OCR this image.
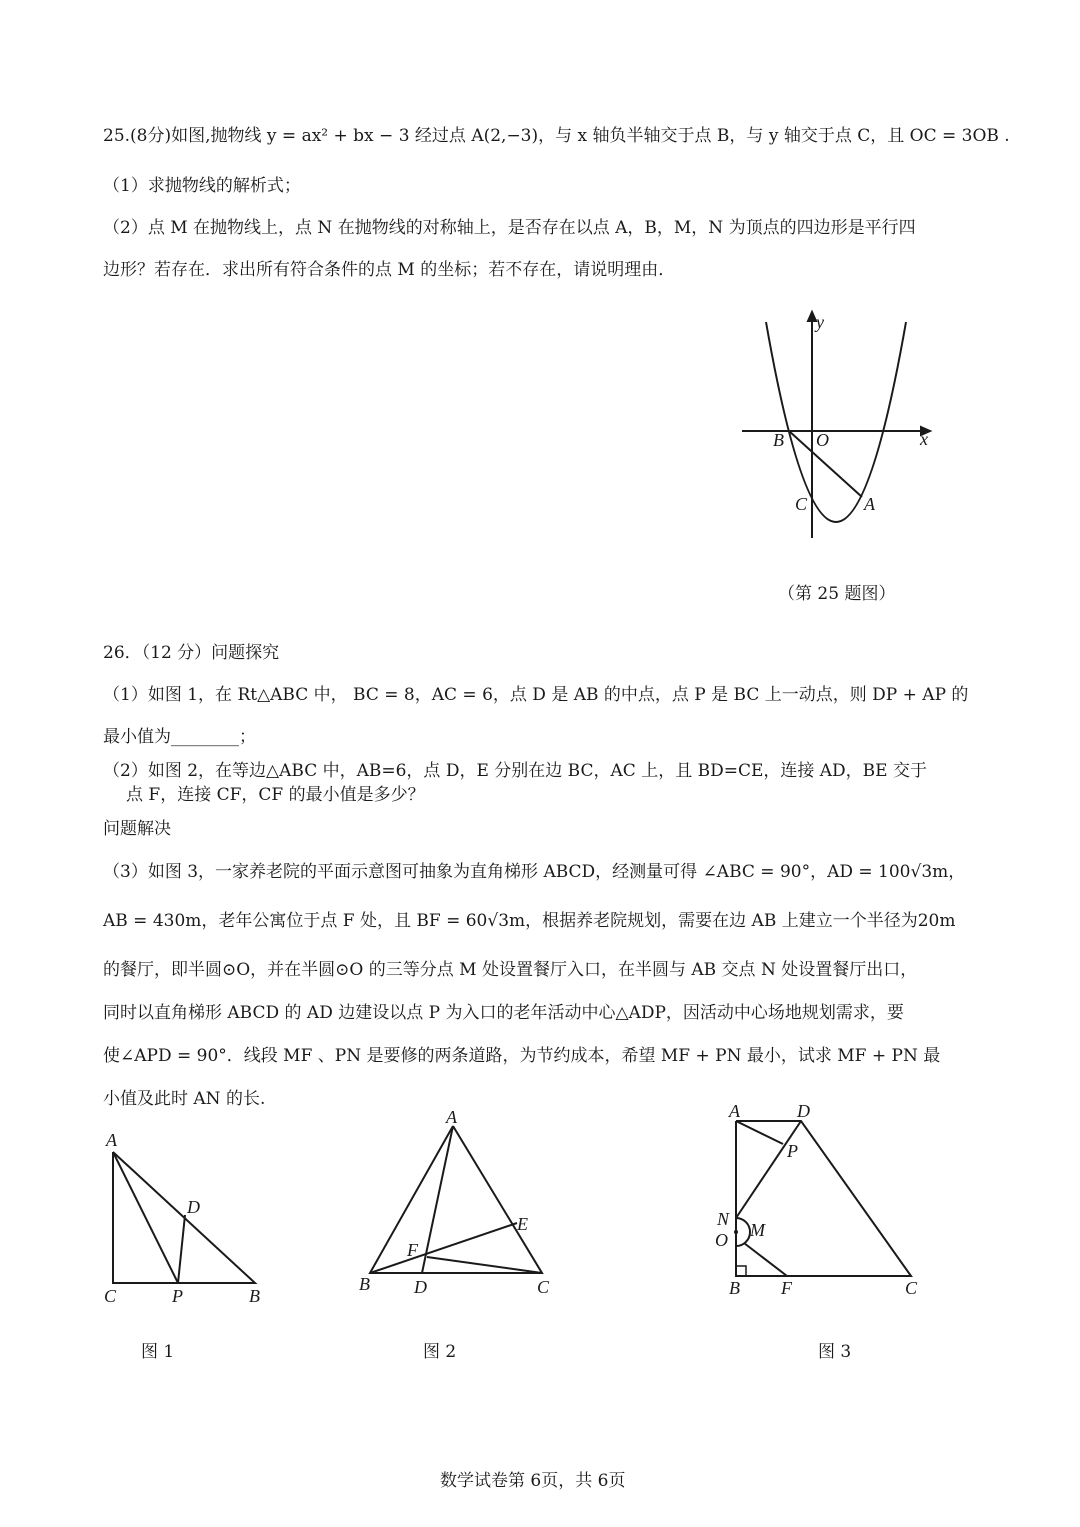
25.(8分)如图,抛物线 y = ax² + bx − 3 经过点 A(2,−3)，与 x 轴负半轴交于点 B，与 y 轴交于点 C，且 OC = 3OB .
（1）求抛物线的解析式；
（2）点 M 在抛物线上，点 N 在抛物线的对称轴上，是否存在以点 A，B，M，N 为顶点的四边形是平行四
边形？若存在．求出所有符合条件的点 M 的坐标；若不存在，请说明理由．
y
x
B O
C	A
A
C	P	B
D
A
B D	C
E
F
A	D
P
N
O M
B F	C
（第 25 题图）
26．（12 分）问题探究
（1）如图 1，在 Rt△ABC 中， BC = 8，AC = 6，点 D 是 AB 的中点，点 P 是 BC 上一动点，则 DP + AP 的
最小值为________；
（2）如图 2，在等边△ABC 中，AB=6，点 D，E 分别在边 BC，AC 上，且 BD=CE，连接 AD，BE 交于
点 F，连接 CF，CF 的最小值是多少？
问题解决
（3）如图 3，一家养老院的平面示意图可抽象为直角梯形 ABCD，经测量可得 ∠ABC = 90°，AD = 100√3m，
AB = 430m，老年公寓位于点 F 处，且 BF = 60√3m，根据养老院规划，需要在边 AB 上建立一个半径为20m
的餐厅，即半圆⊙O，并在半圆⊙O 的三等分点 M 处设置餐厅入口，在半圆与 AB 交点 N 处设置餐厅出口，
同时以直角梯形 ABCD 的 AD 边建设以点 P 为入口的老年活动中心△ADP，因活动中心场地规划需求，要
使∠APD = 90°．线段 MF 、PN 是要修的两条道路，为节约成本，希望 MF + PN 最小，试求 MF + PN 最
小值及此时 AN 的长.
图 1	图 2	图 3
数学试卷第 6页，共 6页
